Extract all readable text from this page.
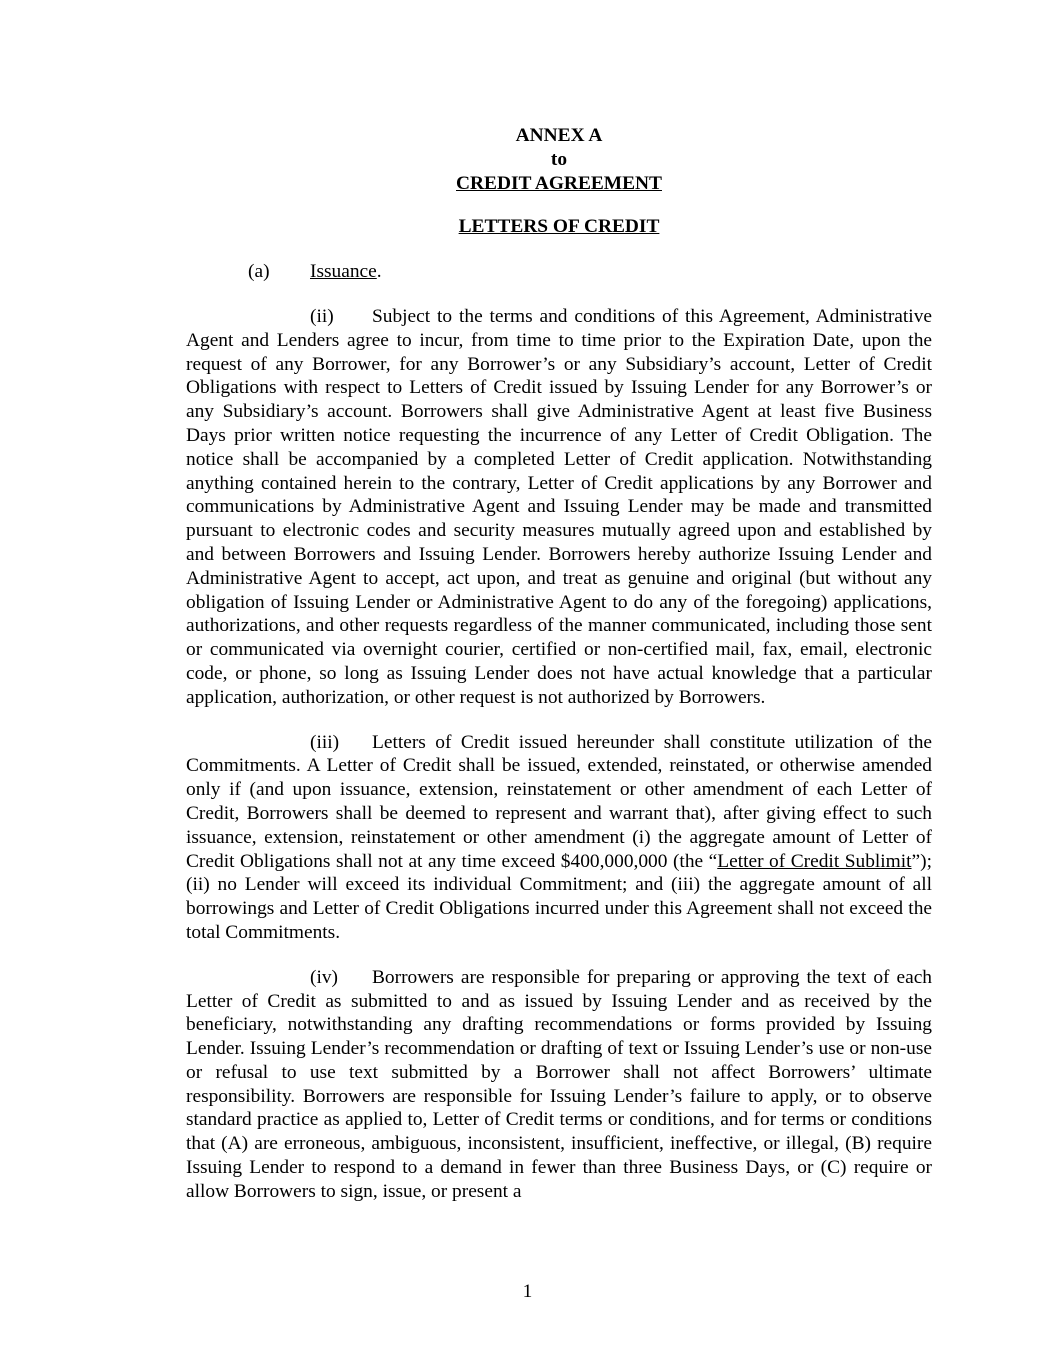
ANNEX A
to
CREDIT AGREEMENT
LETTERS OF CREDIT
(a) Issuance.

(ii) Subject to the terms and conditions of this Agreement, Administrative Agent and Lenders agree to incur, from time to time prior to the Expiration Date, upon the request of any Borrower, for any Borrower’s or any Subsidiary’s account, Letter of Credit Obligations with respect to Letters of Credit issued by Issuing Lender for any Borrower’s or any Subsidiary’s account. Borrowers shall give Administrative Agent at least five Business Days prior written notice requesting the incurrence of any Letter of Credit Obligation. The notice shall be accompanied by a completed Letter of Credit application. Notwithstanding anything contained herein to the contrary, Letter of Credit applications by any Borrower and communications by Administrative Agent and Issuing Lender may be made and transmitted pursuant to electronic codes and security measures mutually agreed upon and established by and between Borrowers and Issuing Lender. Borrowers hereby authorize Issuing Lender and Administrative Agent to accept, act upon, and treat as genuine and original (but without any obligation of Issuing Lender or Administrative Agent to do any of the foregoing) applications, authorizations, and other requests regardless of the manner communicated, including those sent or communicated via overnight courier, certified or non-certified mail, fax, email, electronic code, or phone, so long as Issuing Lender does not have actual knowledge that a particular application, authorization, or other request is not authorized by Borrowers.

(iii) Letters of Credit issued hereunder shall constitute utilization of the Commitments. A Letter of Credit shall be issued, extended, reinstated, or otherwise amended only if (and upon issuance, extension, reinstatement or other amendment of each Letter of Credit, Borrowers shall be deemed to represent and warrant that), after giving effect to such issuance, extension, reinstatement or other amendment (i) the aggregate amount of Letter of Credit Obligations shall not at any time exceed $400,000,000 (the “Letter of Credit Sublimit”); (ii) no Lender will exceed its individual Commitment; and (iii) the aggregate amount of all borrowings and Letter of Credit Obligations incurred under this Agreement shall not exceed the total Commitments.

(iv) Borrowers are responsible for preparing or approving the text of each Letter of Credit as submitted to and as issued by Issuing Lender and as received by the beneficiary, notwithstanding any drafting recommendations or forms provided by Issuing Lender. Issuing Lender’s recommendation or drafting of text or Issuing Lender’s use or non-use or refusal to use text submitted by a Borrower shall not affect Borrowers’ ultimate responsibility. Borrowers are responsible for Issuing Lender’s failure to apply, or to observe standard practice as applied to, Letter of Credit terms or conditions, and for terms or conditions that (A) are erroneous, ambiguous, inconsistent, insufficient, ineffective, or illegal, (B) require Issuing Lender to respond to a demand in fewer than three Business Days, or (C) require or allow Borrowers to sign, issue, or present a

1
